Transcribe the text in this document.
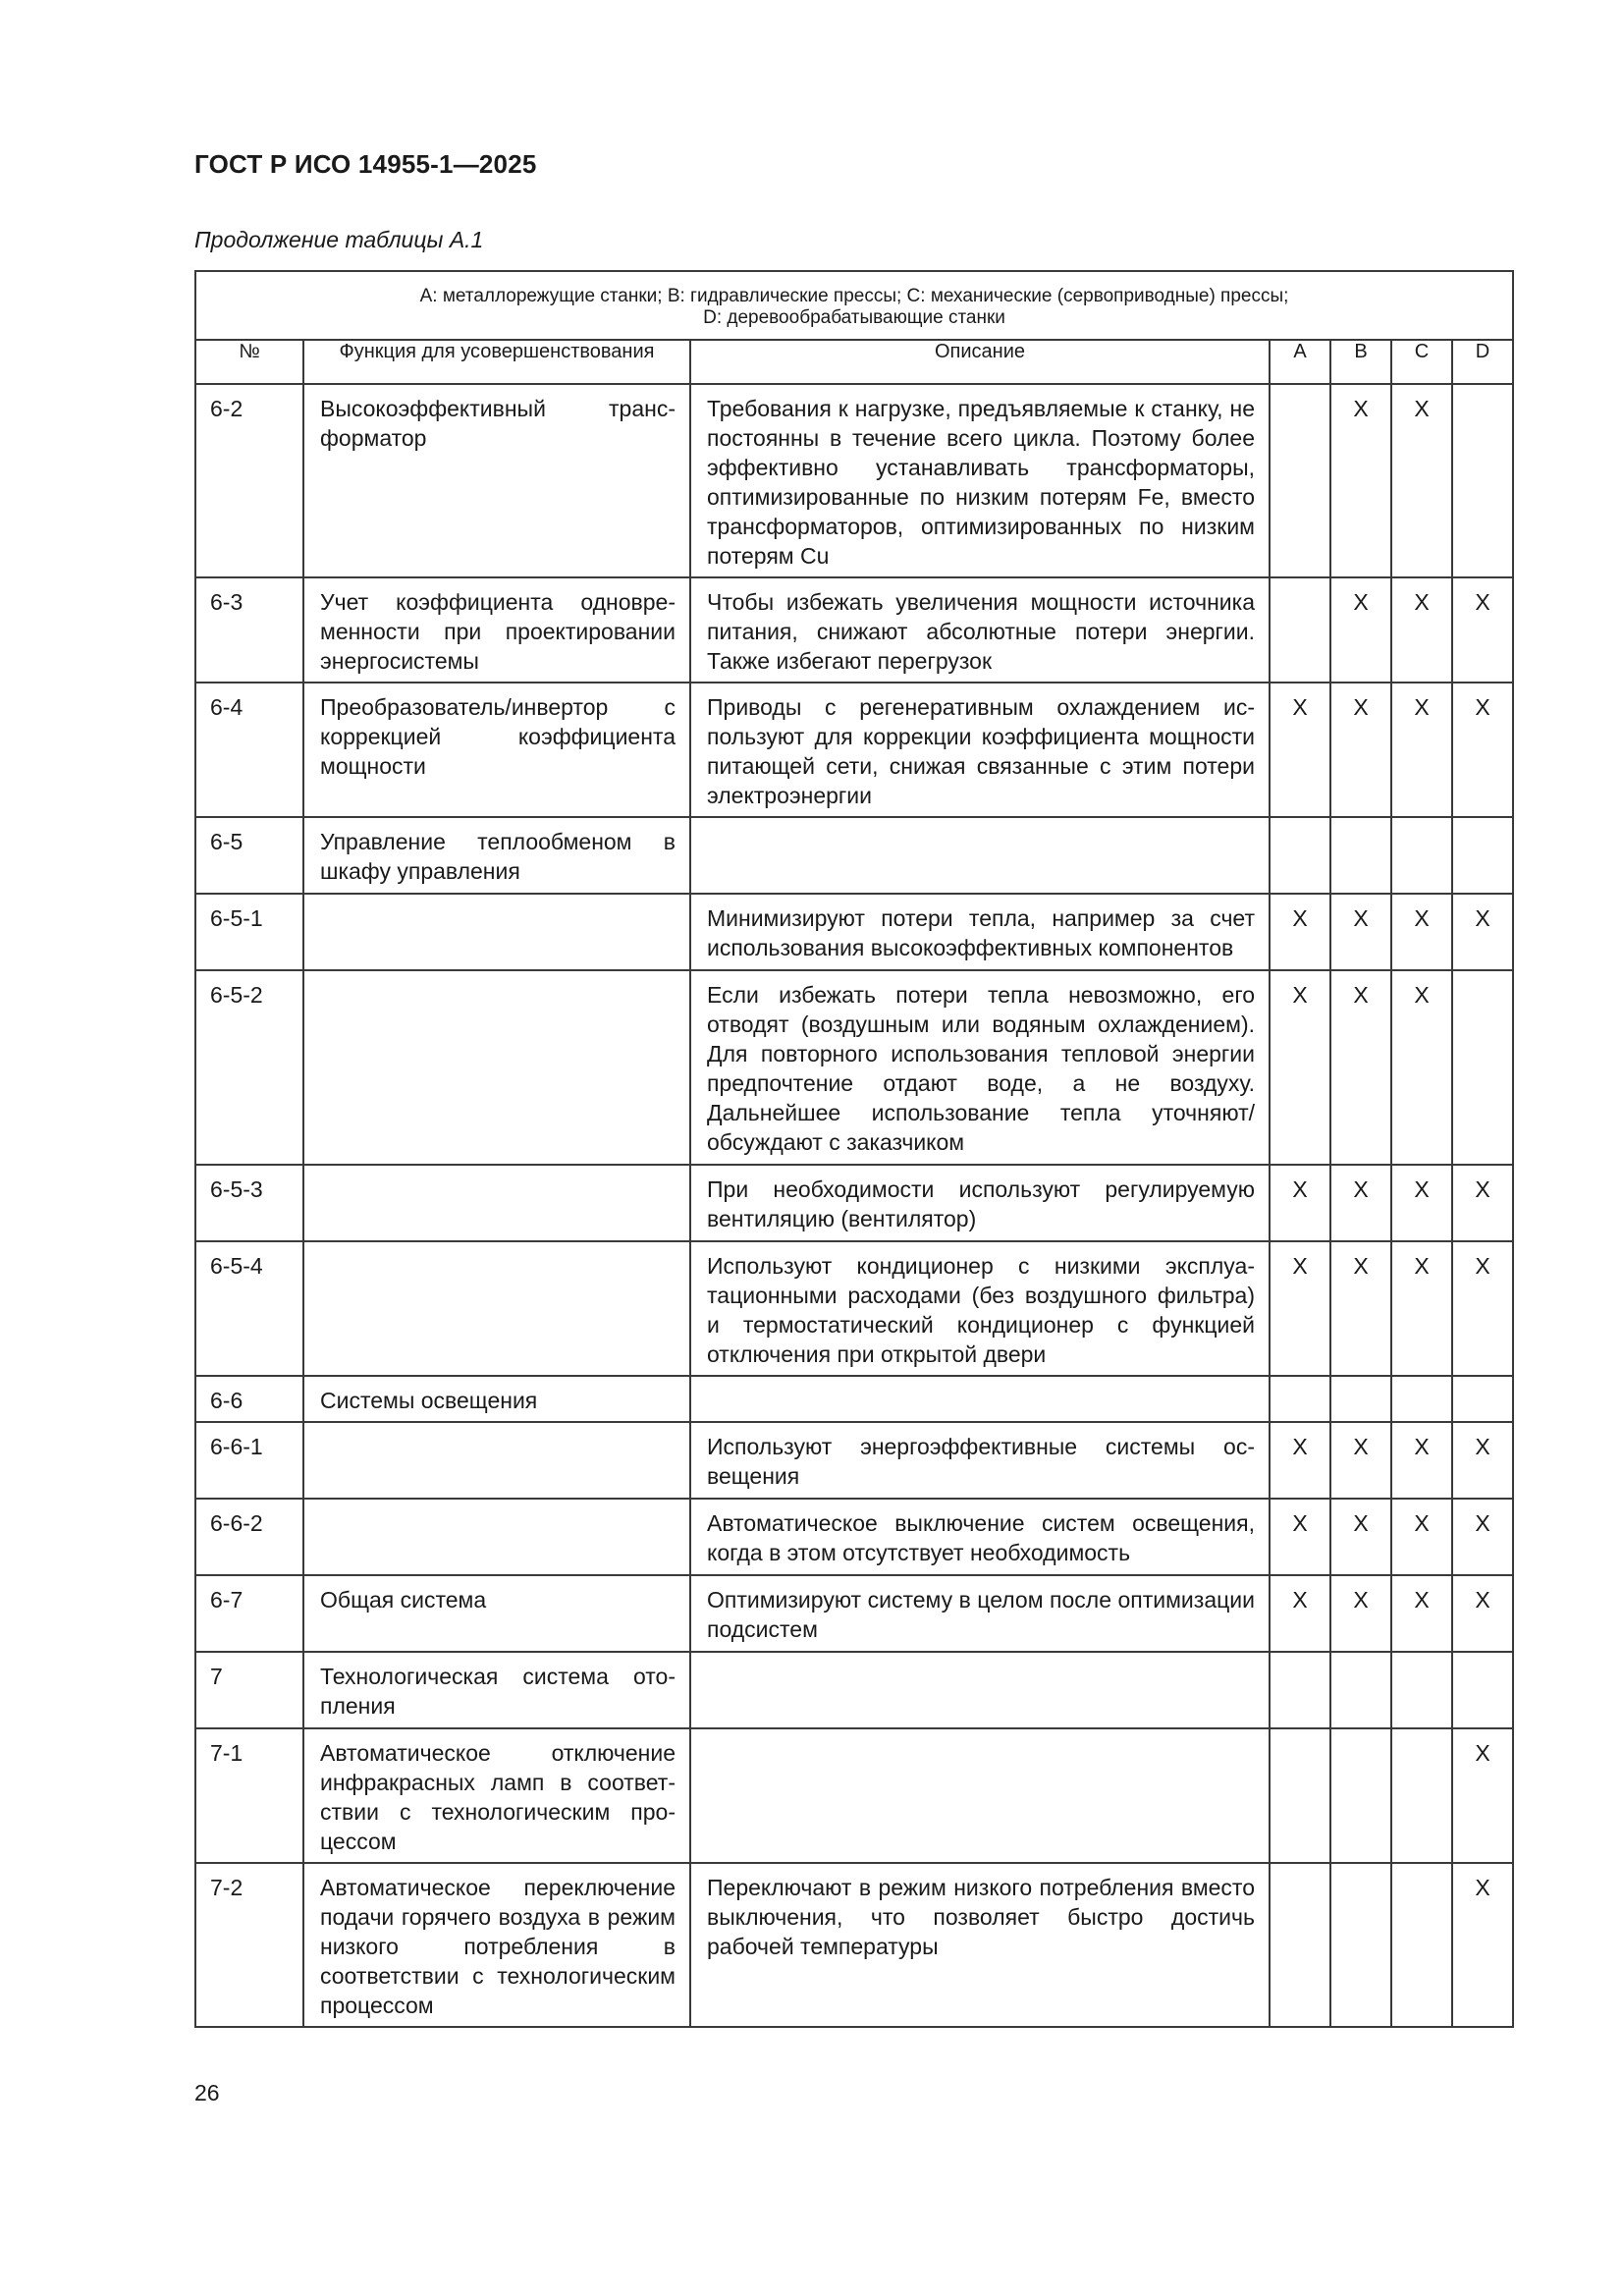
ГОСТ Р ИСО 14955-1—2025
Продолжение таблицы А.1
А: металлорежущие станки; В: гидравлические прессы; С: механические (сервоприводные) прессы;
D: деревообрабатывающие станки						

№	Функция для усовершенствования	Описание	A	B	C	D

6-2	Высокоэффективный трансформатор	Требования к нагрузке, предъявляемые к станку, не постоянны в течение всего цикла. Поэтому более эффективно устанавливать трансформаторы, оптимизированные по низким потерям Fe, вместо трансформаторов, оптимизированных по низким потерям Cu		X	X	

6-3	Учет коэффициента одновременности при проектировании энергосистемы	Чтобы избежать увеличения мощности источника питания, снижают абсолютные потери энергии. Также избегают перегрузок		X	X	X

6-4	Преобразователь/инвертор с коррекцией коэффициента мощности	Приводы с регенеративным охлаждением используют для коррекции коэффициента мощности питающей сети, снижая связанные с этим потери электроэнергии	X	X	X	X

6-5	Управление теплообменом в шкафу управления					

6-5-1		Минимизируют потери тепла, например за счет использования высокоэффективных компонентов	X	X	X	X

6-5-2		Если избежать потери тепла невозможно, его отводят (воздушным или водяным охлаждением). Для повторного использования тепловой энергии предпочтение отдают воде, а не воздуху. Дальнейшее использование тепла уточняют/обсуждают с заказчиком	X	X	X	

6-5-3		При необходимости используют регулируемую вентиляцию (вентилятор)	X	X	X	X

6-5-4		Используют кондиционер с низкими эксплуатационными расходами (без воздушного фильтра) и термостатический кондиционер с функцией отключения при открытой двери	X	X	X	X

6-6	Системы освещения					

6-6-1		Используют энергоэффективные системы освещения	X	X	X	X

6-6-2		Автоматическое выключение систем освещения, когда в этом отсутствует необходимость	X	X	X	X

6-7	Общая система	Оптимизируют систему в целом после оптимизации подсистем	X	X	X	X

7	Технологическая система отопления					

7-1	Автоматическое отключение инфракрасных ламп в соответствии с технологическим процессом					X

7-2	Автоматическое переключение подачи горячего воздуха в режим низкого потребления в соответствии с технологическим процессом	Переключают в режим низкого потребления вместо выключения, что позволяет быстро достичь рабочей температуры				X
26
